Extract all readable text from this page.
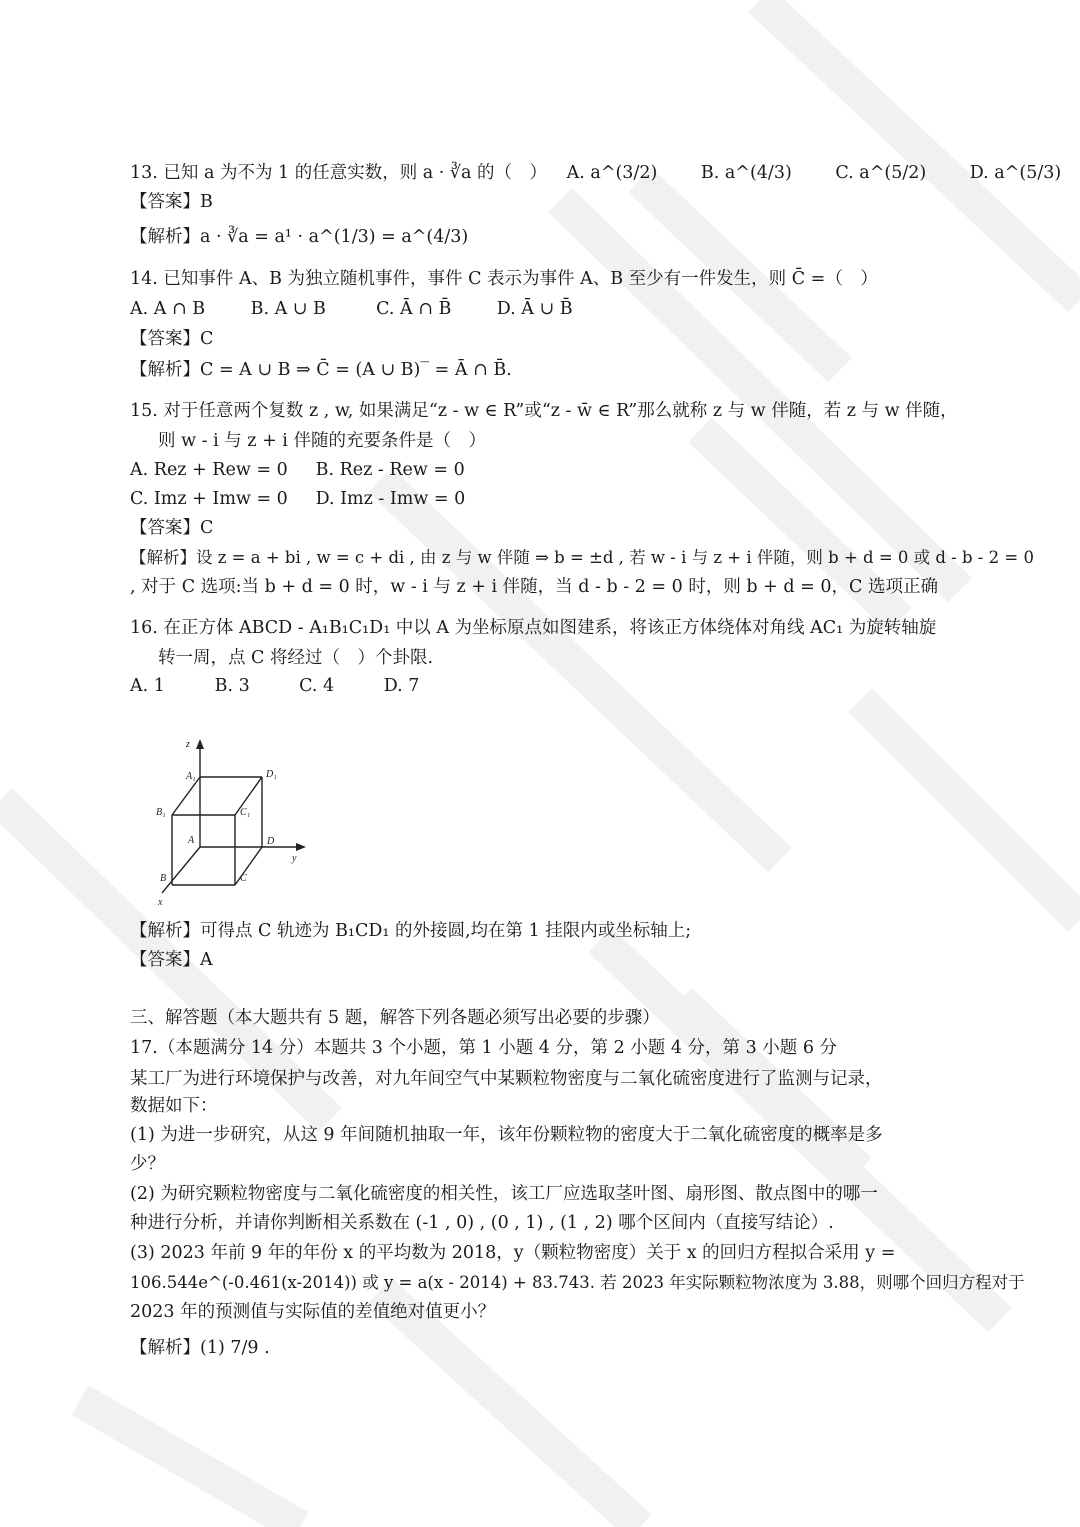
13. 已知 a 为不为 1 的任意实数，则 a · ∛a 的（　） A. a^(3/2) B. a^(4/3) C. a^(5/2) D. a^(5/3)
【答案】B
【解析】a · ∛a = a¹ · a^(1/3) = a^(4/3)
14. 已知事件 A、B 为独立随机事件，事件 C 表示为事件 A、B 至少有一件发生，则 C̄ =（　）
A. A ∩ B	B. A ∪ B	C. Ā ∩ B̄	D. Ā ∪ B̄
【答案】C
【解析】C = A ∪ B ⇒ C̄ = (A ∪ B)‾ = Ā ∩ B̄.
15. 对于任意两个复数 z , w, 如果满足“z - w ∈ R”或“z - w̄ ∈ R”那么就称 z 与 w 伴随，若 z 与 w 伴随，
则 w - i 与 z + i 伴随的充要条件是（　）
A. Rez + Rew = 0 B. Rez - Rew = 0
C. Imz + Imw = 0 D. Imz - Imw = 0
【答案】C
【解析】设 z = a + bi , w = c + di , 由 z 与 w 伴随 ⇒ b = ±d , 若 w - i 与 z + i 伴随，则 b + d = 0 或 d - b - 2 = 0
, 对于 C 选项:当 b + d = 0 时，w - i 与 z + i 伴随，当 d - b - 2 = 0 时，则 b + d = 0，C 选项正确
16. 在正方体 ABCD - A₁B₁C₁D₁ 中以 A 为坐标原点如图建系，将该正方体绕体对角线 AC₁ 为旋转轴旋
转一周，点 C 将经过（　）个卦限.
A. 1	B. 3	C. 4	D. 7
z
y
x
A₁	D₁
B₁	C₁
A	D
B	C
【解析】可得点 C 轨迹为 B₁CD₁ 的外接圆,均在第 1 挂限内或坐标轴上;
【答案】A
三、解答题（本大题共有 5 题，解答下列各题必须写出必要的步骤）
17.（本题满分 14 分）本题共 3 个小题，第 1 小题 4 分，第 2 小题 4 分，第 3 小题 6 分
某工厂为进行环境保护与改善，对九年间空气中某颗粒物密度与二氧化硫密度进行了监测与记录，
数据如下：
(1) 为进一步研究，从这 9 年间随机抽取一年，该年份颗粒物的密度大于二氧化硫密度的概率是多
少？
(2) 为研究颗粒物密度与二氧化硫密度的相关性，该工厂应选取茎叶图、扇形图、散点图中的哪一
种进行分析，并请你判断相关系数在 (-1 , 0) , (0 , 1) , (1 , 2) 哪个区间内（直接写结论）.
(3) 2023 年前 9 年的年份 x 的平均数为 2018，y（颗粒物密度）关于 x 的回归方程拟合采用 y =
106.544e^(-0.461(x-2014)) 或 y = a(x - 2014) + 83.743. 若 2023 年实际颗粒物浓度为 3.88，则哪个回归方程对于
2023 年的预测值与实际值的差值绝对值更小？
【解析】(1) 7/9 .
